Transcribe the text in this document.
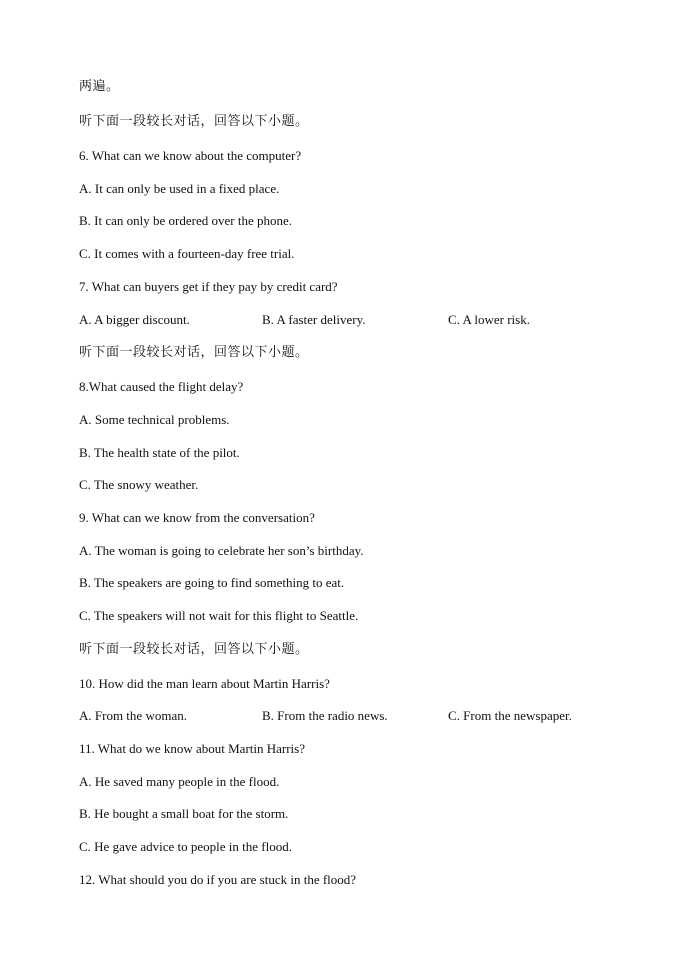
两遍。
听下面一段较长对话，回答以下小题。
6. What can we know about the computer?
A. It can only be used in a fixed place.
B. It can only be ordered over the phone.
C. It comes with a fourteen-day free trial.
7. What can buyers get if they pay by credit card?
A. A bigger discount.	B. A faster delivery.	C. A lower risk.
听下面一段较长对话，回答以下小题。
8.What caused the flight delay?
A. Some technical problems.
B. The health state of the pilot.
C. The snowy weather.
9. What can we know from the conversation?
A. The woman is going to celebrate her son’s birthday.
B. The speakers are going to find something to eat.
C. The speakers will not wait for this flight to Seattle.
听下面一段较长对话，回答以下小题。
10. How did the man learn about Martin Harris?
A. From the woman.	B. From the radio news.	C. From the newspaper.
11. What do we know about Martin Harris?
A. He saved many people in the flood.
B. He bought a small boat for the storm.
C. He gave advice to people in the flood.
12. What should you do if you are stuck in the flood?
